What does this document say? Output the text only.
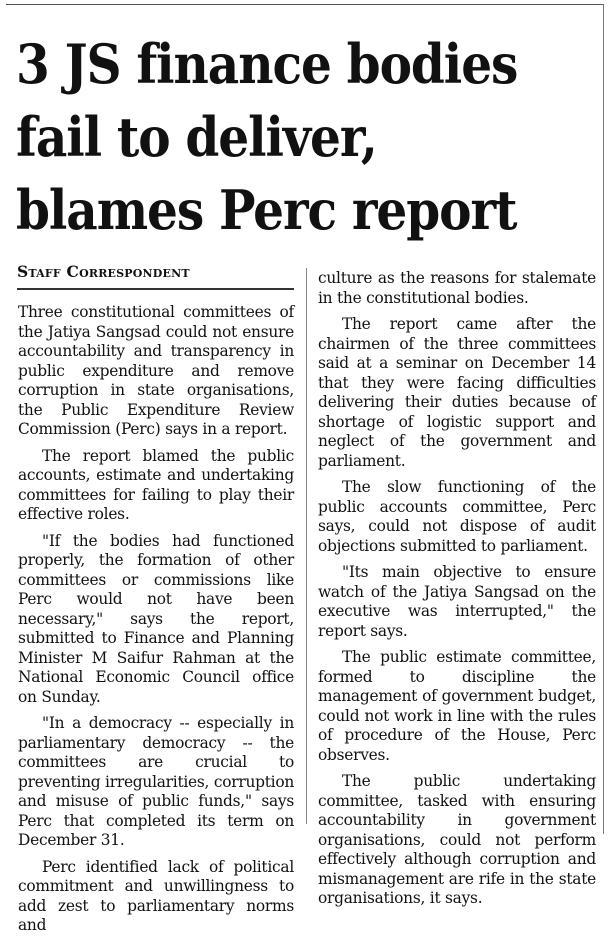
3 JS finance bodies
fail to deliver,
blames Perc report
Staff Correspondent

Three constitutional committees of the Jatiya Sangsad could not ensure accountability and transparency in public expenditure and remove corruption in state organisations, the Public Expenditure Review Commission (Perc) says in a report.

The report blamed the public accounts, estimate and undertaking committees for failing to play their effective roles.

"If the bodies had functioned properly, the formation of other committees or commissions like Perc would not have been necessary," says the report, submitted to Finance and Planning Minister M Saifur Rahman at the National Economic Council office on Sunday.

"In a democracy -- especially in parliamentary democracy -- the committees are crucial to preventing irregularities, corruption and misuse of public funds," says Perc that completed its term on December 31.

Perc identified lack of political commitment and unwillingness to add zest to parliamentary norms and

culture as the reasons for stalemate in the constitutional bodies.

The report came after the chairmen of the three committees said at a seminar on December 14 that they were facing difficulties delivering their duties because of shortage of logistic support and neglect of the government and parliament.

The slow functioning of the public accounts committee, Perc says, could not dispose of audit objections submitted to parliament.

"Its main objective to ensure watch of the Jatiya Sangsad on the executive was interrupted," the report says.

The public estimate committee, formed to discipline the management of government budget, could not work in line with the rules of procedure of the House, Perc observes.

The public undertaking committee, tasked with ensuring accountability in government organisations, could not perform effectively although corruption and mismanagement are rife in the state organisations, it says.
